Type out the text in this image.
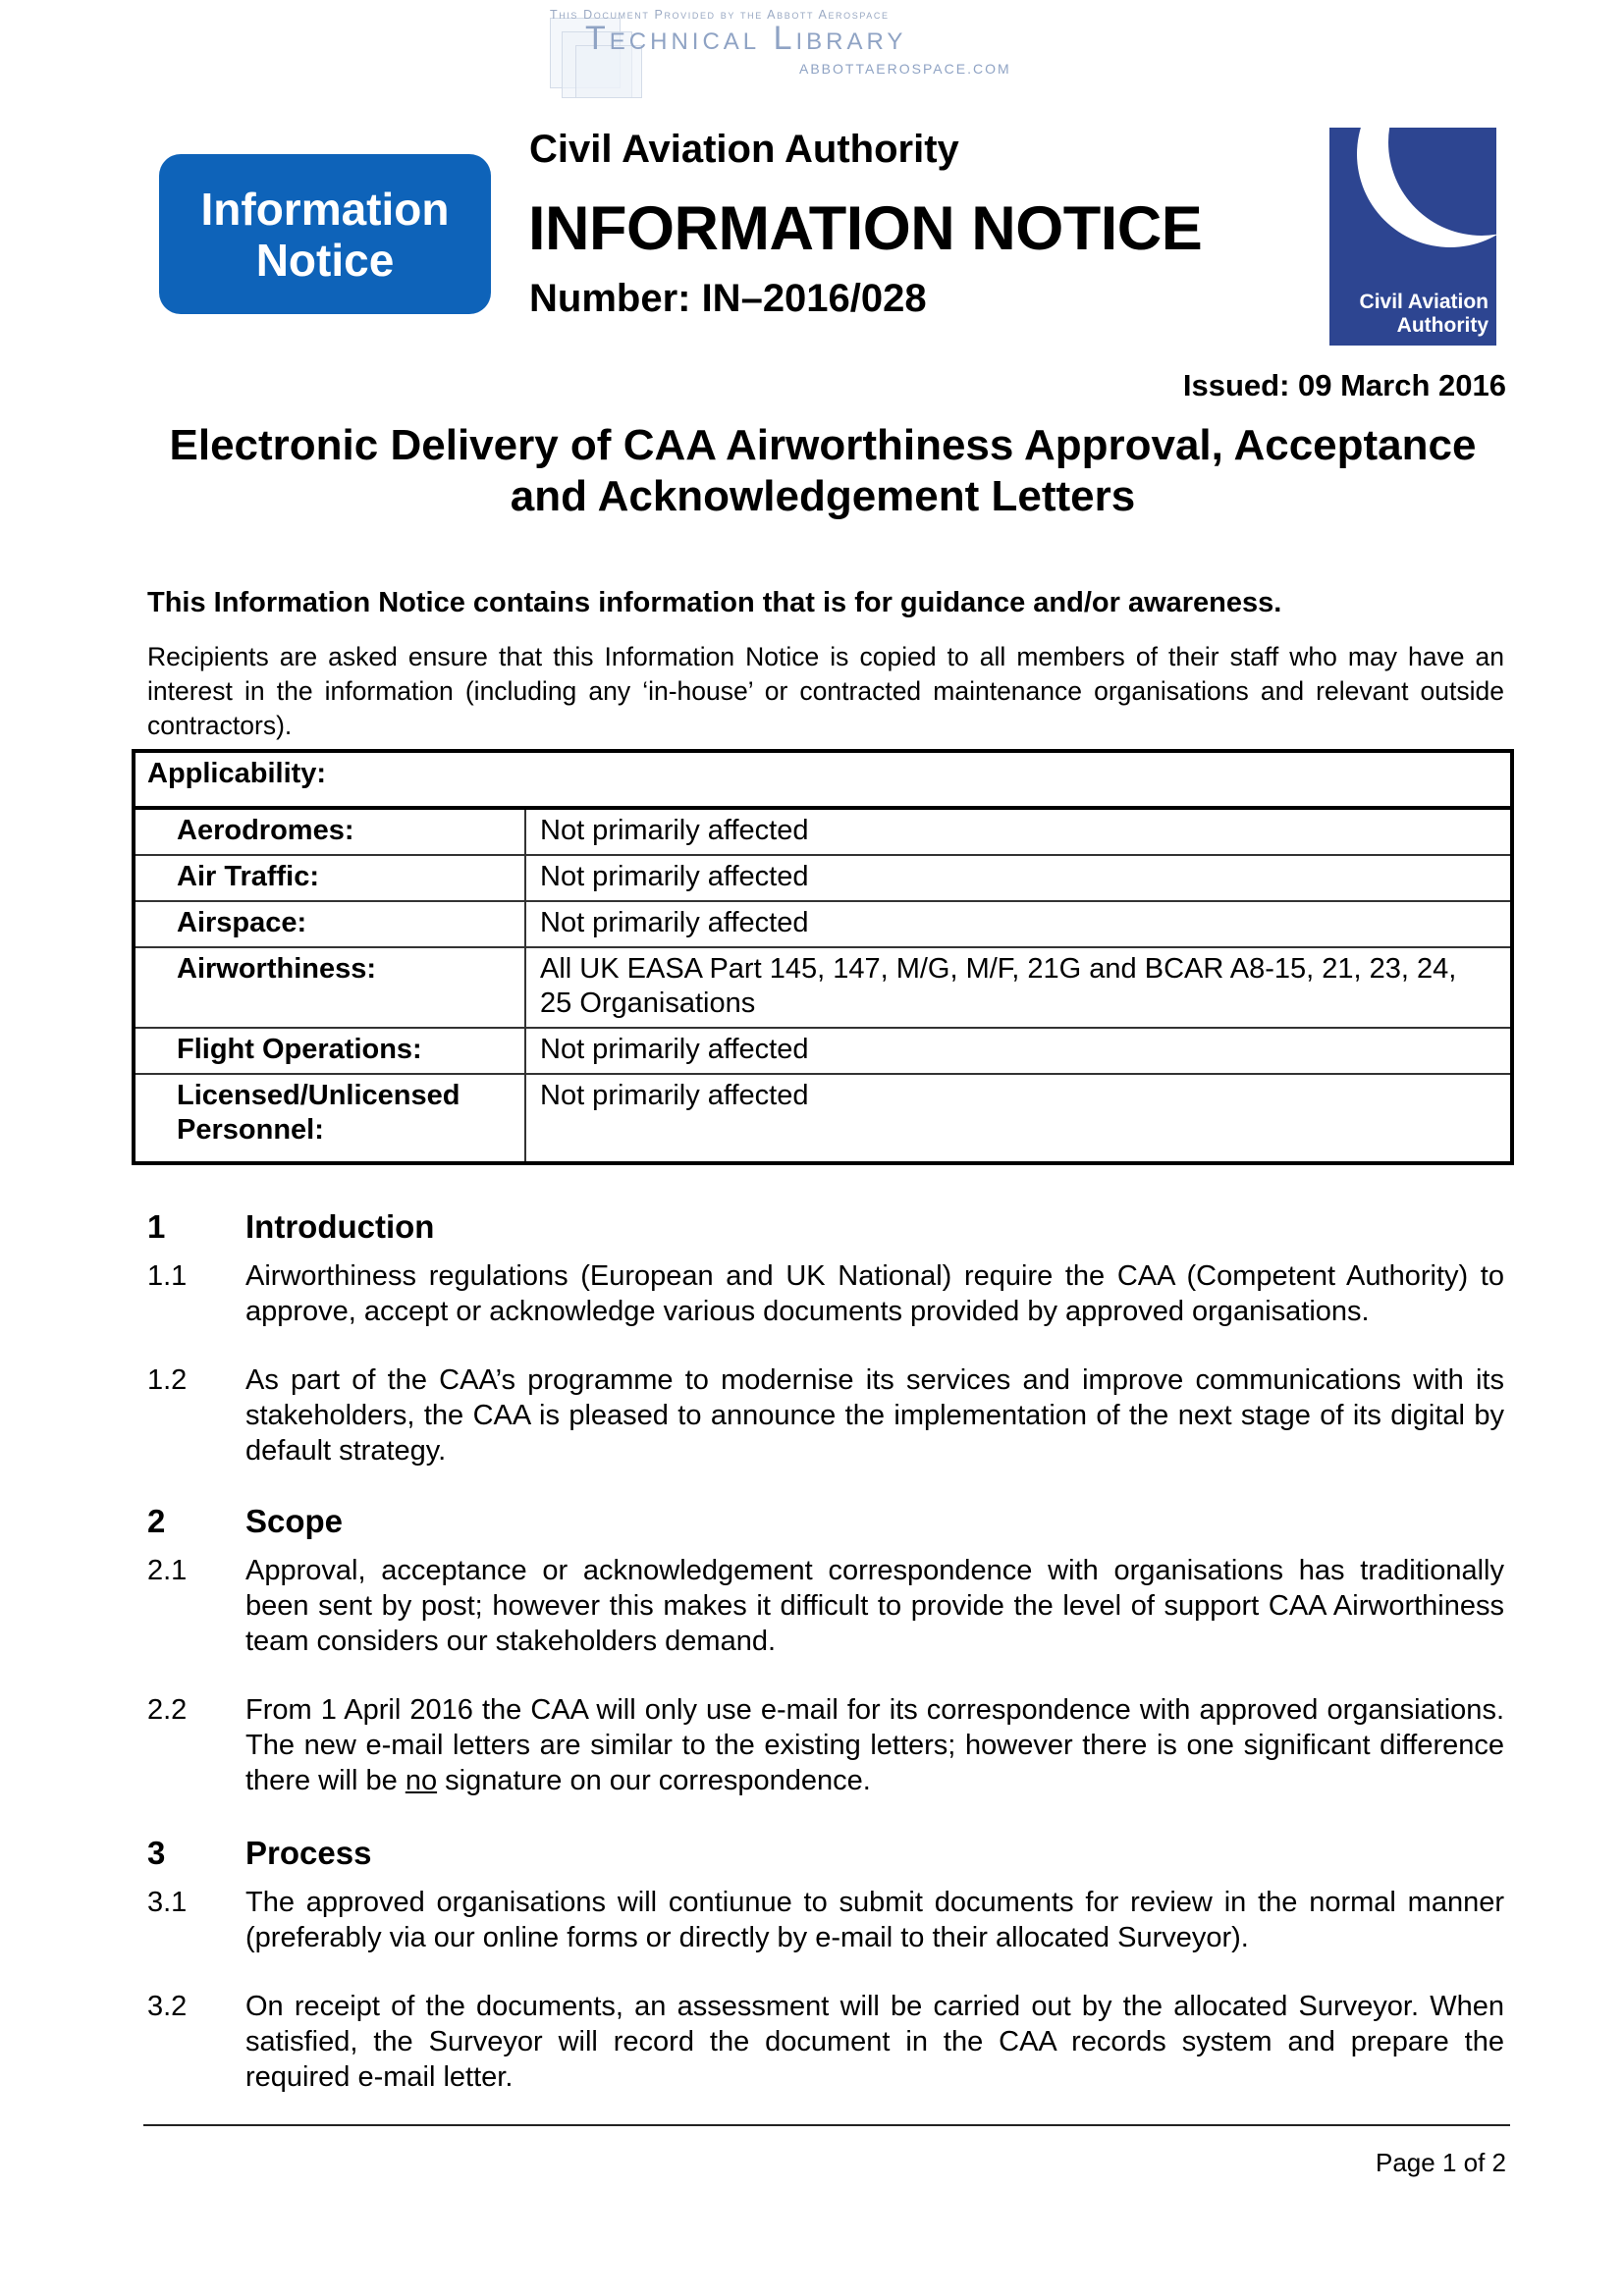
This Document Provided by the Abbott Aerospace
Technical Library
ABBOTTAEROSPACE.COM
Information
Notice
Civil Aviation Authority
INFORMATION NOTICE
Number: IN–2016/028	Civil Aviation
Authority
Issued: 09 March 2016
Electronic Delivery of CAA Airworthiness Approval, Acceptance
and Acknowledgement Letters
This Information Notice contains information that is for guidance and/or awareness.
Recipients are asked ensure that this Information Notice is copied to all members of their staff who may have an interest in the information (including any ‘in-house’ or contracted maintenance organisations and relevant outside contractors).
Applicability:	
Aerodromes:	Not primarily affected
Air Traffic:	Not primarily affected
Airspace:	Not primarily affected
Airworthiness:	All UK EASA Part 145, 147, M/G, M/F, 21G and BCAR A8-15, 21, 23, 24, 25 Organisations
Flight Operations:	Not primarily affected
Licensed/Unlicensed Personnel:	Not primarily affected
1	Introduction
1.1	Airworthiness regulations (European and UK National) require the CAA (Competent Authority) to approve, accept or acknowledge various documents provided by approved organisations.
1.2	As part of the CAA’s programme to modernise its services and improve communications with its stakeholders, the CAA is pleased to announce the implementation of the next stage of its digital by default strategy.
2	Scope
2.1	Approval, acceptance or acknowledgement correspondence with organisations has traditionally been sent by post; however this makes it difficult to provide the level of support CAA Airworthiness team considers our stakeholders demand.
2.2	From 1 April 2016 the CAA will only use e-mail for its correspondence with approved organsiations. The new e-mail letters are similar to the existing letters; however there is one significant difference there will be no signature on our correspondence.
3	Process
3.1	The approved organisations will contiunue to submit documents for review in the normal manner (preferably via our online forms or directly by e-mail to their allocated Surveyor).
3.2	On receipt of the documents, an assessment will be carried out by the allocated Surveyor. When satisfied, the Surveyor will record the document in the CAA records system and prepare the required e-mail letter.
Page 1 of 2
